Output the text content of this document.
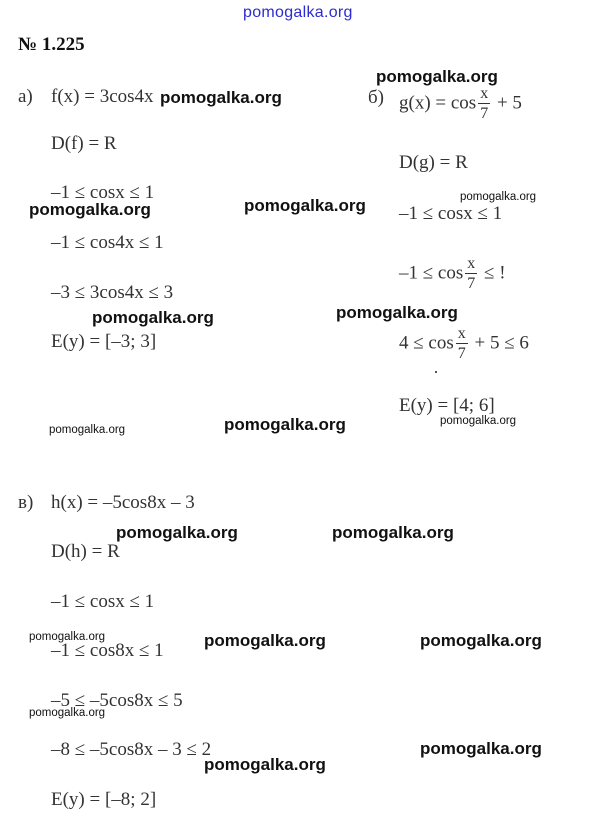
pomogalka.org
№ 1.225
а) f(x) = 3cos4x
D(f) = R
–1 ≤ cosx ≤ 1
–1 ≤ cos4x ≤ 1
–3 ≤ 3cos4x ≤ 3
E(y) = [–3; 3]
б) $g(x) = \cos \frac{x}{7} + 5$
D(g) = R
–1 ≤ cosx ≤ 1
$-1 \le \cos \frac{x}{7}$ ≤ !
$4 \le \cos \frac{x}{7} + 5 \le 6$
E(y) = [4; 6]
в) h(x) = –5cos8x – 3
D(h) = R
–1 ≤ cosx ≤ 1
–1 ≤ cos8x ≤ 1
–5 ≤ –5cos8x ≤ 5
–8 ≤ –5cos8x – 3 ≤ 2
E(y) = [–8; 2]
pomogalka.org
pomogalka.org
pomogalka.org
pomogalka.org	pomogalka.org
pomogalka.org
pomogalka.org
pomogalka.org
pomogalka.org
pomogalka.org
pomogalka.org	pomogalka.org
pomogalka.org	pomogalka.org	pomogalka.org
pomogalka.org
pomogalka.org
pomogalka.org
